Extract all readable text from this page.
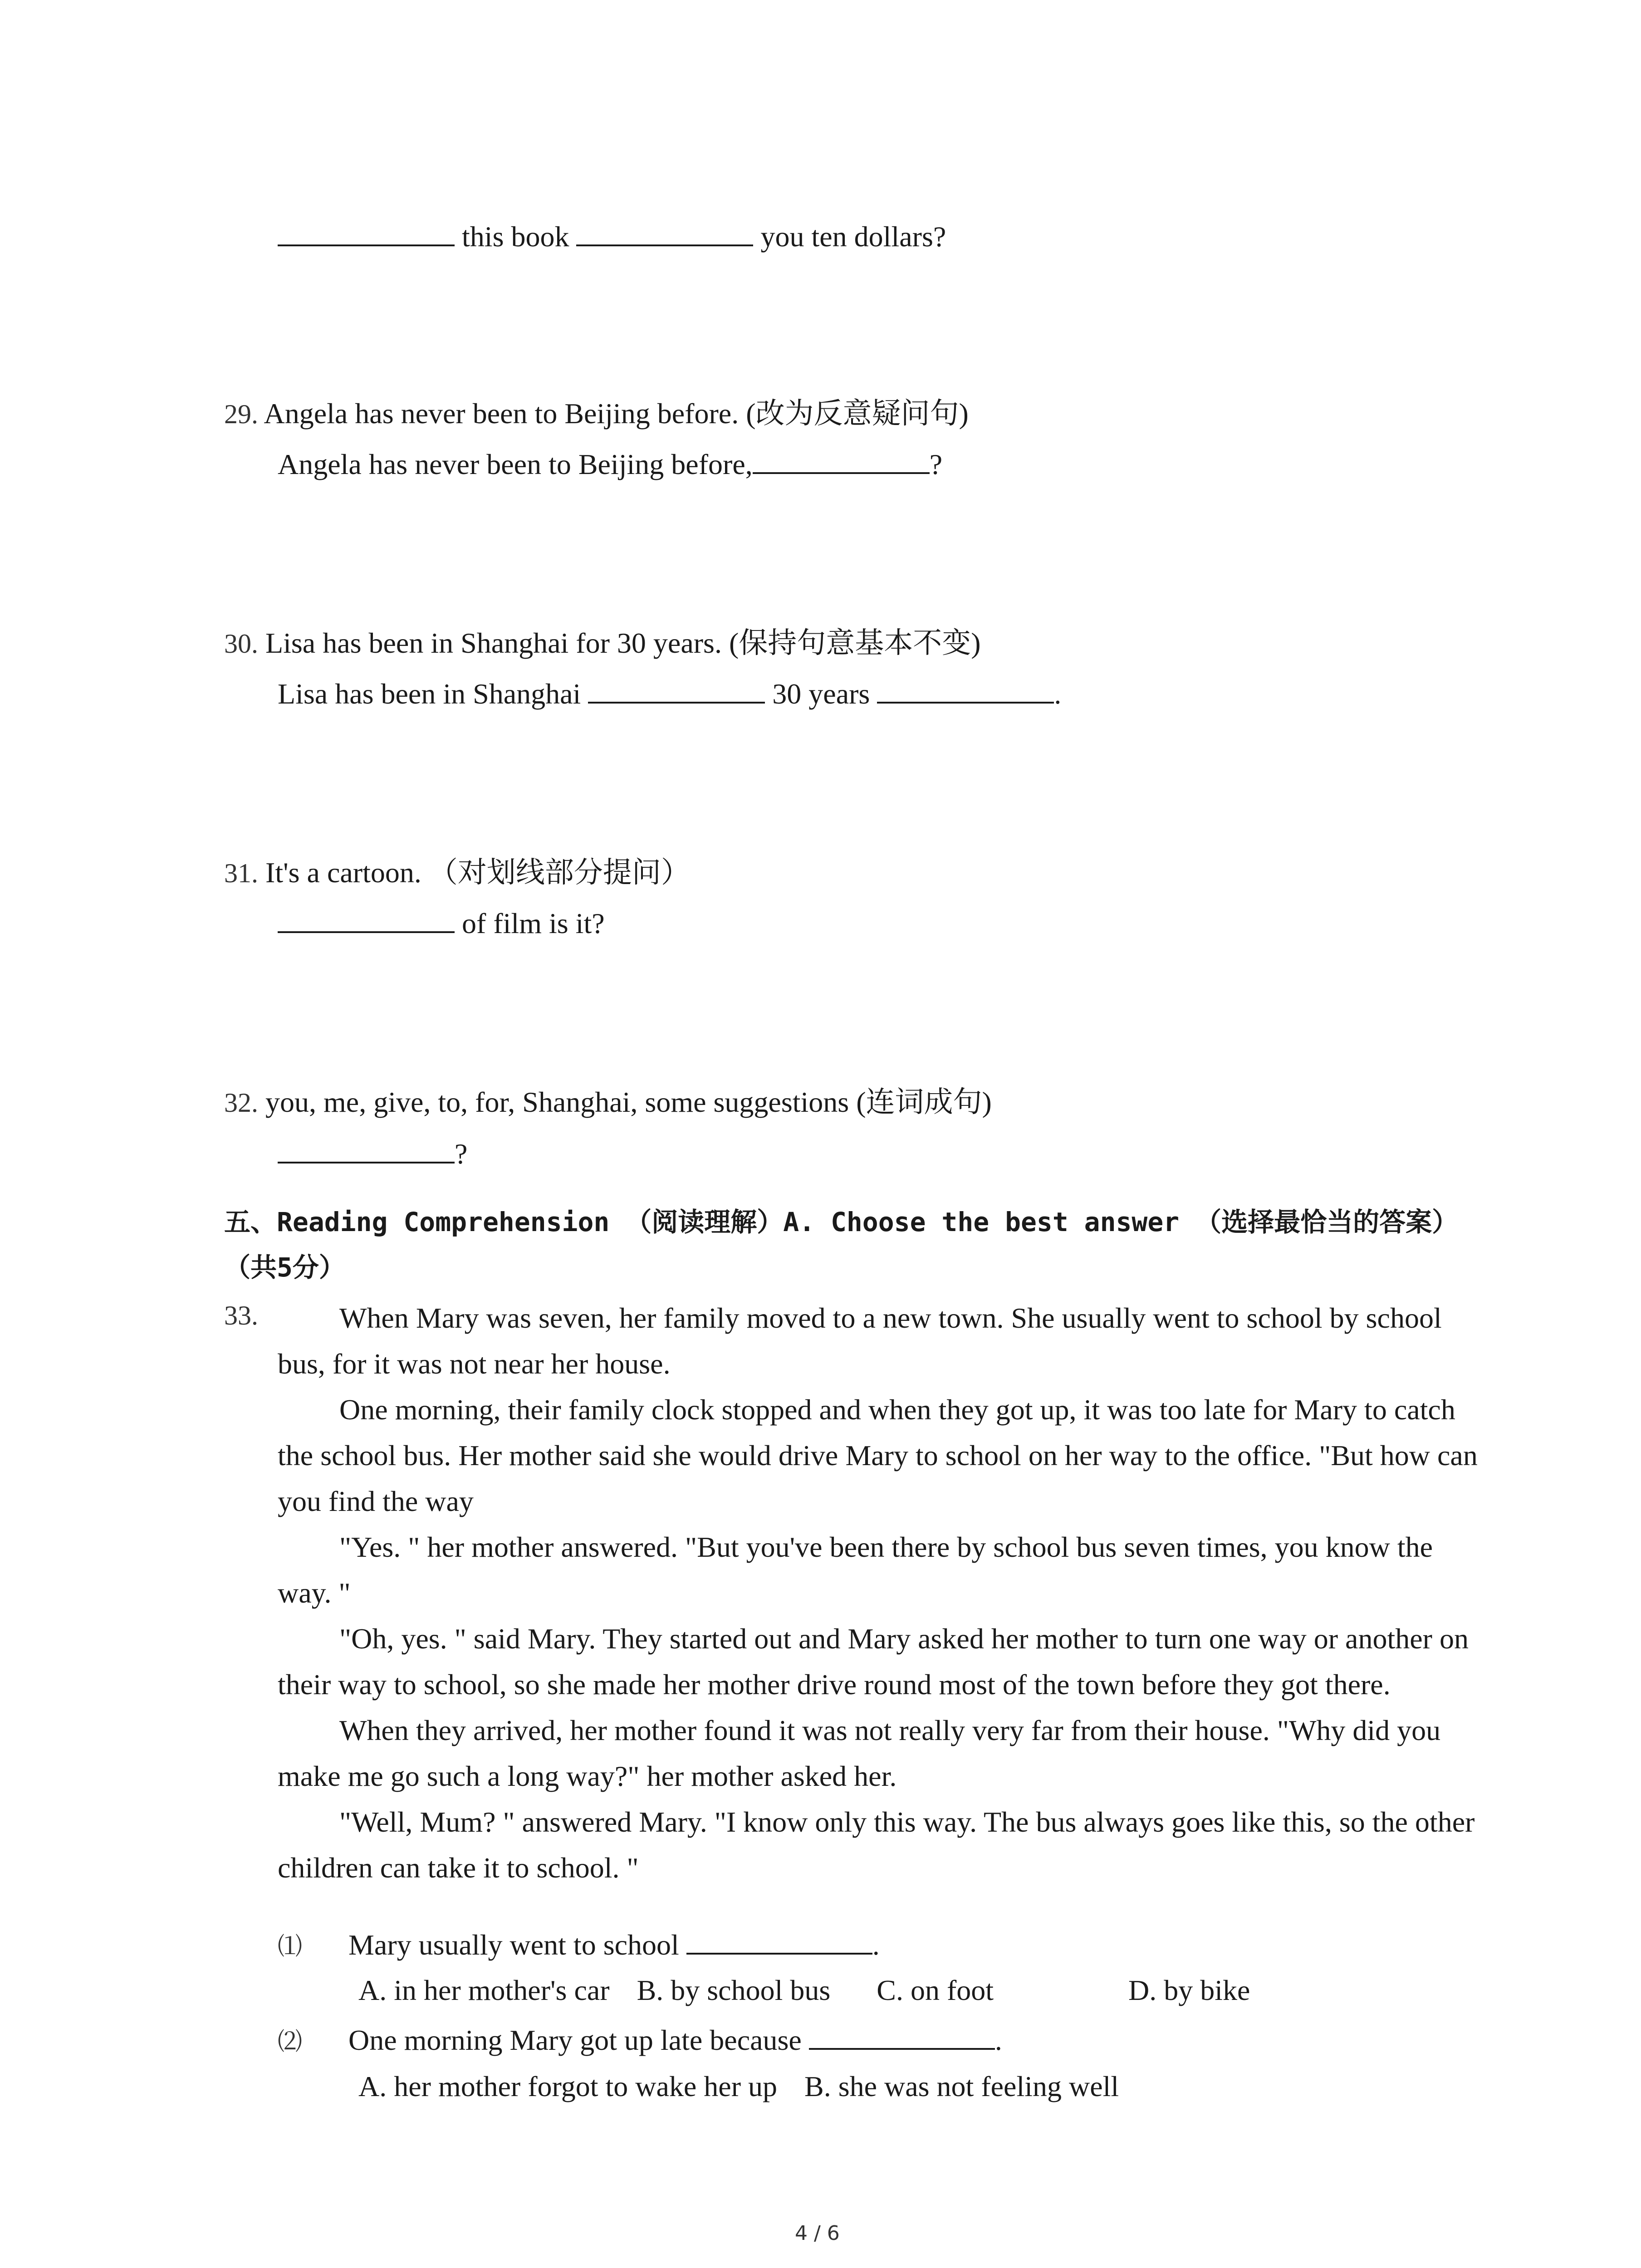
this book	you ten dollars?
29. Angela has never been to Beijing before. (改为反意疑问句)
Angela has never been to Beijing before,	?
30. Lisa has been in Shanghai for 30 years. (保持句意基本不变)
Lisa has been in Shanghai	30 years	.
31. It's a cartoon. （对划线部分提问）
of film is it?
32. you, me, give, to, for, Shanghai, some suggestions (连词成句)
?
五、Reading Comprehension （阅读理解）A. Choose the best answer （选择最恰当的答案）（共5分）
33.	When Mary was seven, her family moved to a new town. She usually went to school by school bus, for it was not near her house.

One morning, their family clock stopped and when they got up, it was too late for Mary to catch the school bus. Her mother said she would drive Mary to school on her way to the office. "But how can you find the way

"Yes. " her mother answered. "But you've been there by school bus seven times, you know the way. "

"Oh, yes. " said Mary. They started out and Mary asked her mother to turn one way or another on their way to school, so she made her mother drive round most of the town before they got there.

When they arrived, her mother found it was not really very far from their house. "Why did you make me go such a long way?" her mother asked her.

"Well, Mum? " answered Mary. "I know only this way. The bus always goes like this, so the other children can take it to school. "

⑴ Mary usually went to school	.
A. in her mother's car B. by school bus C. on foot	D. by bike
⑵ One morning Mary got up late because	.
A. her mother forgot to wake her up B. she was not feeling well
4 / 6
